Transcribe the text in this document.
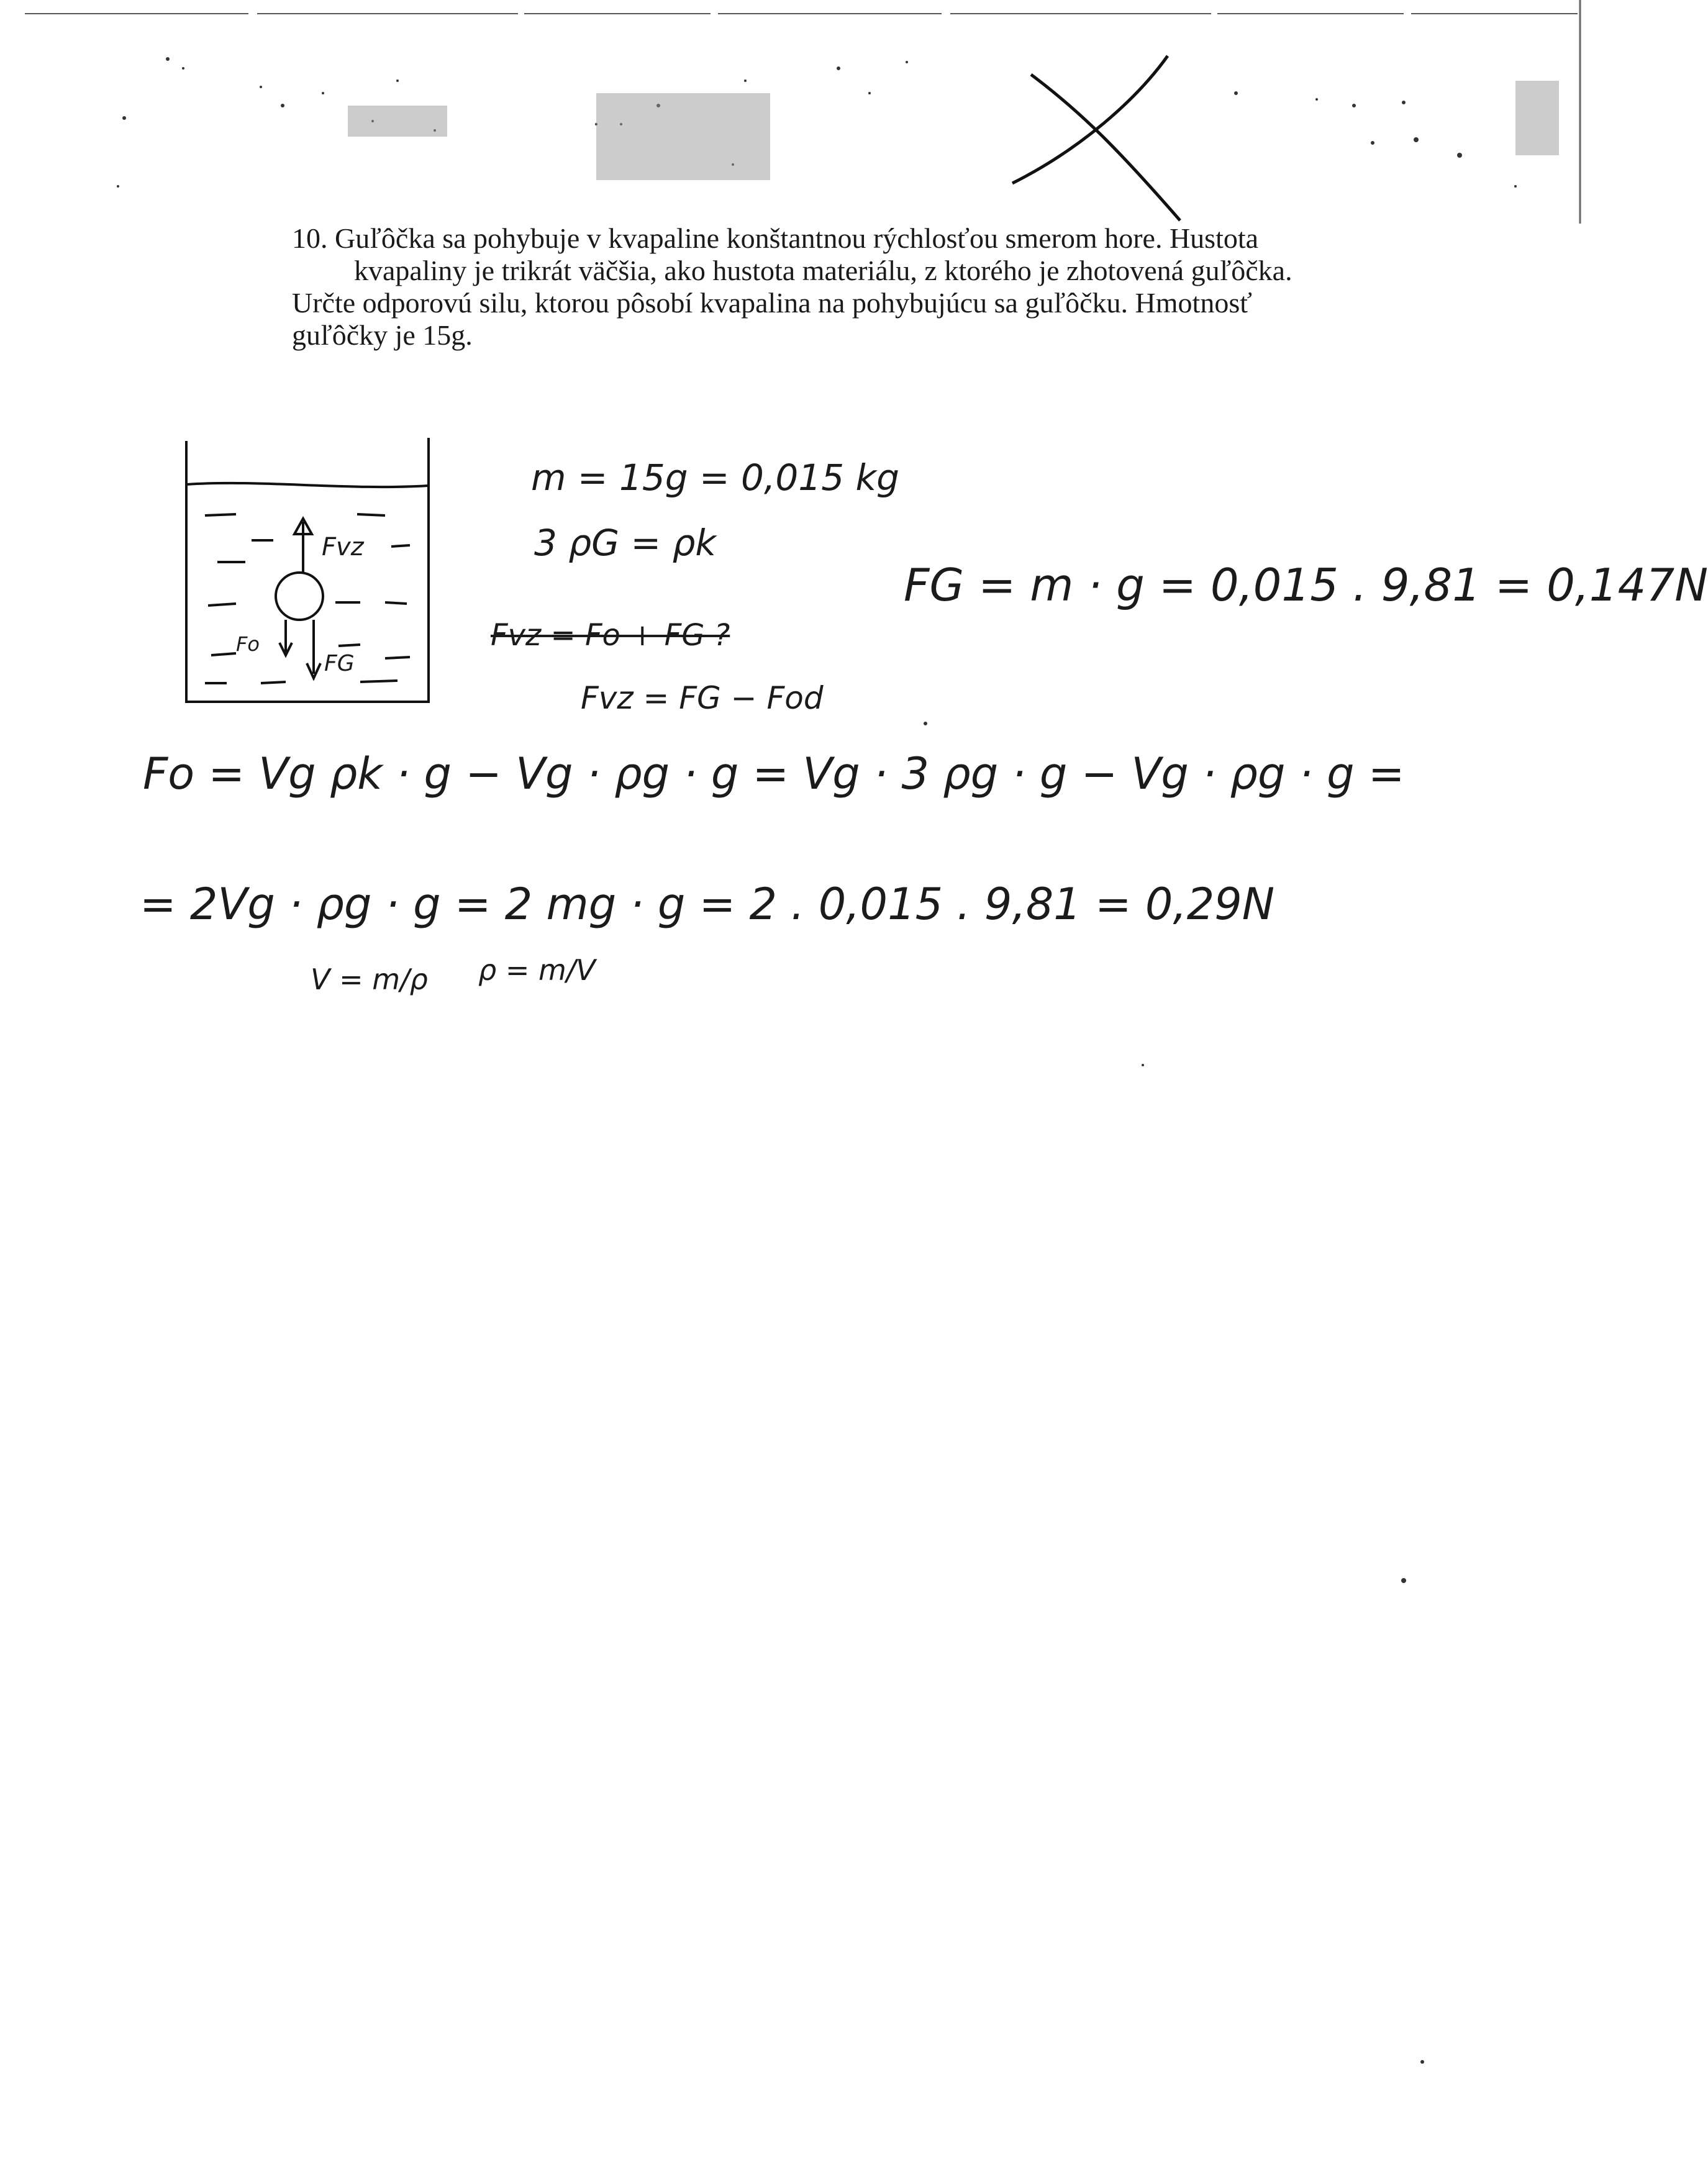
10. Guľôčka sa pohybuje v kvapaline konštantnou rýchlosťou smerom hore. Hustota

kvapaliny je trikrát väčšia, ako hustota materiálu, z ktorého je zhotovená guľôčka.

Určte odporovú silu, ktorou pôsobí kvapalina na pohybujúcu sa guľôčku. Hmotnosť

guľôčky je 15g.

Fvz
Fo
FG
m = 15g = 0,015 kg
3 ρG = ρk
Fvz = Fo + FG ?
Fvz = FG − Fod
FG = m · g = 0,015 . 9,81 = 0,147N
Fo = Vg ρk · g − Vg · ρg · g = Vg · 3 ρg · g − Vg · ρg · g =
= 2Vg · ρg · g = 2 mg · g = 2 . 0,015 . 9,81 = 0,29N
V = m/ρ ρ = m/V
